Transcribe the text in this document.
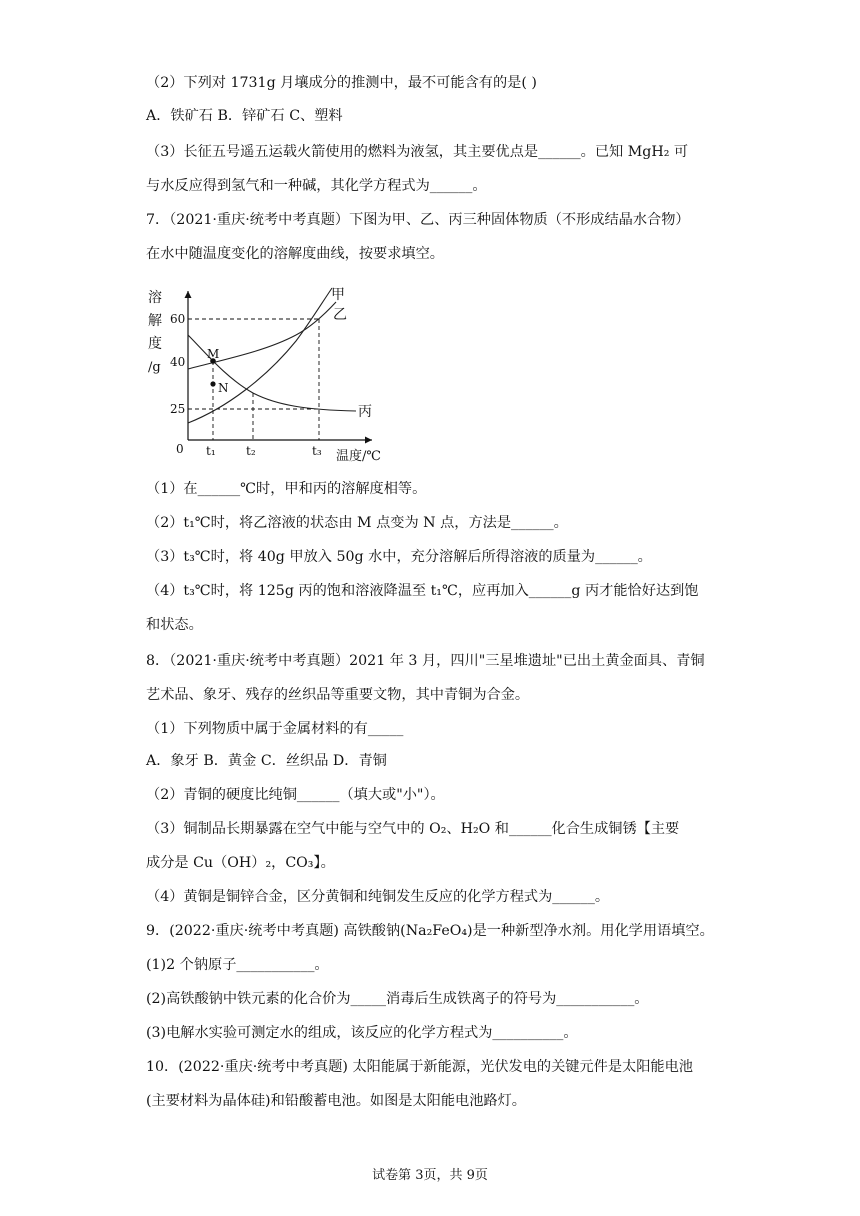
（2）下列对 1731g 月壤成分的推测中，最不可能含有的是( )
A．铁矿石 B．锌矿石 C、塑料
（3）长征五号遥五运载火箭使用的燃料为液氢，其主要优点是______。已知 MgH₂ 可
与水反应得到氢气和一种碱，其化学方程式为______。
7．（2021·重庆·统考中考真题）下图为甲、乙、丙三种固体物质（不形成结晶水合物）
在水中随温度变化的溶解度曲线，按要求填空。
溶
解
度
/g
60
40
25
0 t₁	t₂	t₃ 温度/℃
甲
乙
丙
M
N
（1）在______℃时，甲和丙的溶解度相等。
（2）t₁℃时，将乙溶液的状态由 M 点变为 N 点，方法是______。
（3）t₃℃时，将 40g 甲放入 50g 水中，充分溶解后所得溶液的质量为______。
（4）t₃℃时，将 125g 丙的饱和溶液降温至 t₁℃，应再加入______g 丙才能恰好达到饱
和状态。
8．（2021·重庆·统考中考真题）2021 年 3 月，四川"三星堆遗址"已出土黄金面具、青铜
艺术品、象牙、残存的丝织品等重要文物，其中青铜为合金。
（1）下列物质中属于金属材料的有_____
A．象牙 B．黄金 C．丝织品 D．青铜
（2）青铜的硬度比纯铜______（填大或"小"）。
（3）铜制品长期暴露在空气中能与空气中的 O₂、H₂O 和______化合生成铜锈【主要
成分是 Cu（OH）₂，CO₃】。
（4）黄铜是铜锌合金，区分黄铜和纯铜发生反应的化学方程式为______。
9．(2022·重庆·统考中考真题) 高铁酸钠(Na₂FeO₄)是一种新型净水剂。用化学用语填空。
(1)2 个钠原子___________。
(2)高铁酸钠中铁元素的化合价为_____消毒后生成铁离子的符号为___________。
(3)电解水实验可测定水的组成，该反应的化学方程式为__________。
10．(2022·重庆·统考中考真题) 太阳能属于新能源，光伏发电的关键元件是太阳能电池
(主要材料为晶体硅)和铅酸蓄电池。如图是太阳能电池路灯。
试卷第 3页，共 9页
